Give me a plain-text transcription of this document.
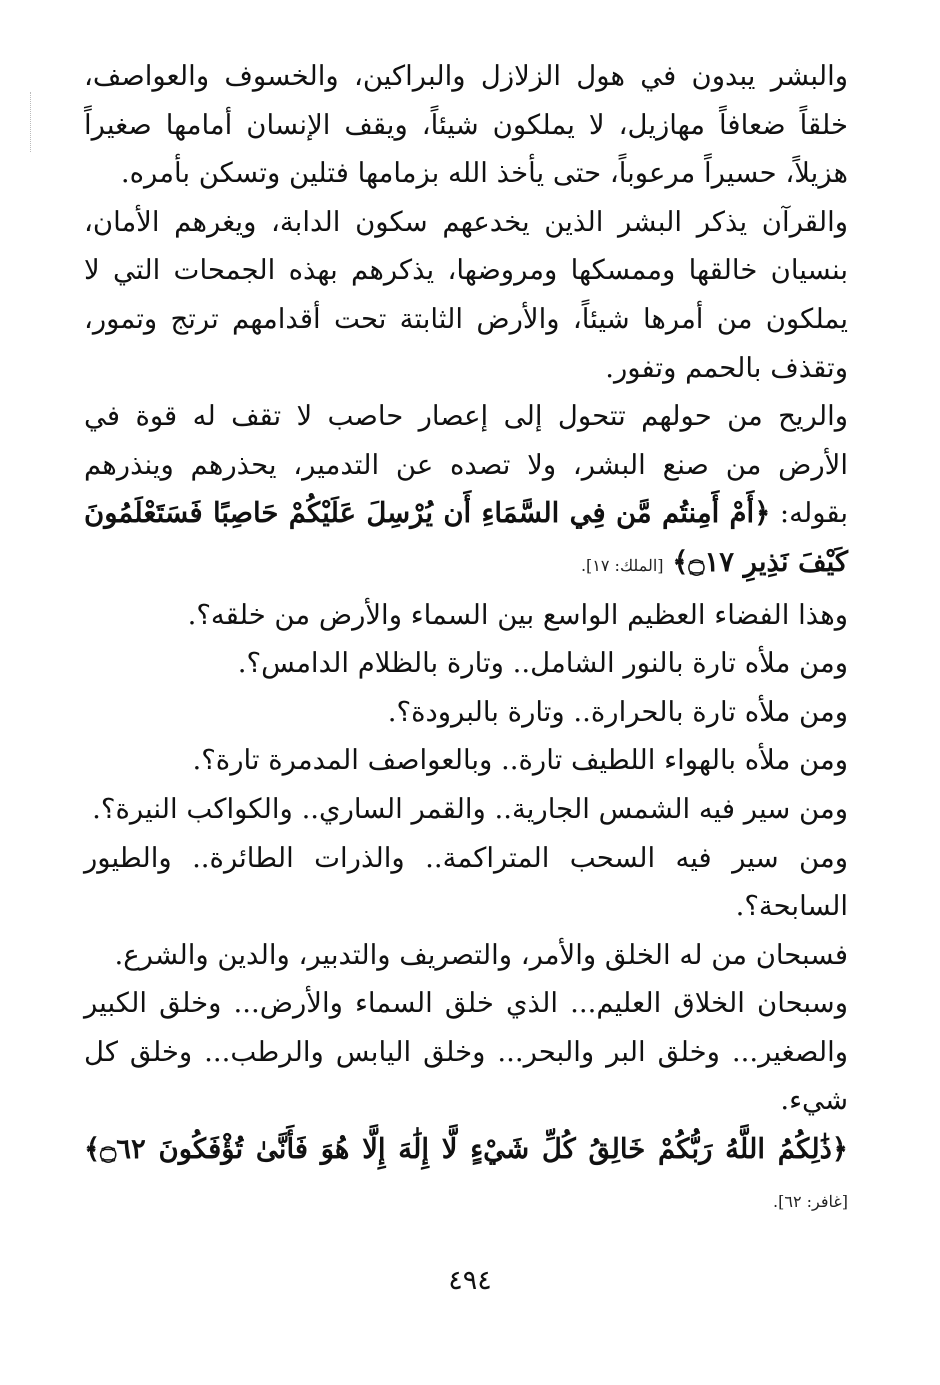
والبشر يبدون في هول الزلازل والبراكين، والخسوف والعواصف، خلقاً ضعافاً مهازيل، لا يملكون شيئاً، ويقف الإنسان أمامها صغيراً هزيلاً، حسيراً مرعوباً، حتى يأخذ الله بزمامها فتلين وتسكن بأمره.

والقرآن يذكر البشر الذين يخدعهم سكون الدابة، ويغرهم الأمان، بنسيان خالقها وممسكها ومروضها، يذكرهم بهذه الجمحات التي لا يملكون من أمرها شيئاً، والأرض الثابتة تحت أقدامهم ترتج وتمور، وتقذف بالحمم وتفور.

والريح من حولهم تتحول إلى إعصار حاصب لا تقف له قوة في الأرض من صنع البشر، ولا تصده عن التدمير، يحذرهم وينذرهم بقوله: ﴿أَمْ أَمِنتُم مَّن فِي السَّمَاءِ أَن يُرْسِلَ عَلَيْكُمْ حَاصِبًا فَسَتَعْلَمُونَ كَيْفَ نَذِيرِ ۝١٧﴾ [الملك: ١٧].

وهذا الفضاء العظيم الواسع بين السماء والأرض من خلقه؟.

ومن ملأه تارة بالنور الشامل.. وتارة بالظلام الدامس؟.

ومن ملأه تارة بالحرارة.. وتارة بالبرودة؟.

ومن ملأه بالهواء اللطيف تارة.. وبالعواصف المدمرة تارة؟.

ومن سير فيه الشمس الجارية.. والقمر الساري.. والكواكب النيرة؟.

ومن سير فيه السحب المتراكمة.. والذرات الطائرة.. والطيور السابحة؟.

فسبحان من له الخلق والأمر، والتصريف والتدبير، والدين والشرع.

وسبحان الخلاق العليم... الذي خلق السماء والأرض... وخلق الكبير والصغير... وخلق البر والبحر... وخلق اليابس والرطب... وخلق كل شيء.

﴿ذَٰلِكُمُ اللَّهُ رَبُّكُمْ خَالِقُ كُلِّ شَيْءٍ لَّا إِلَٰهَ إِلَّا هُوَ فَأَنَّىٰ تُؤْفَكُونَ ۝٦٢﴾ [غافر: ٦٢].

٤٩٤
